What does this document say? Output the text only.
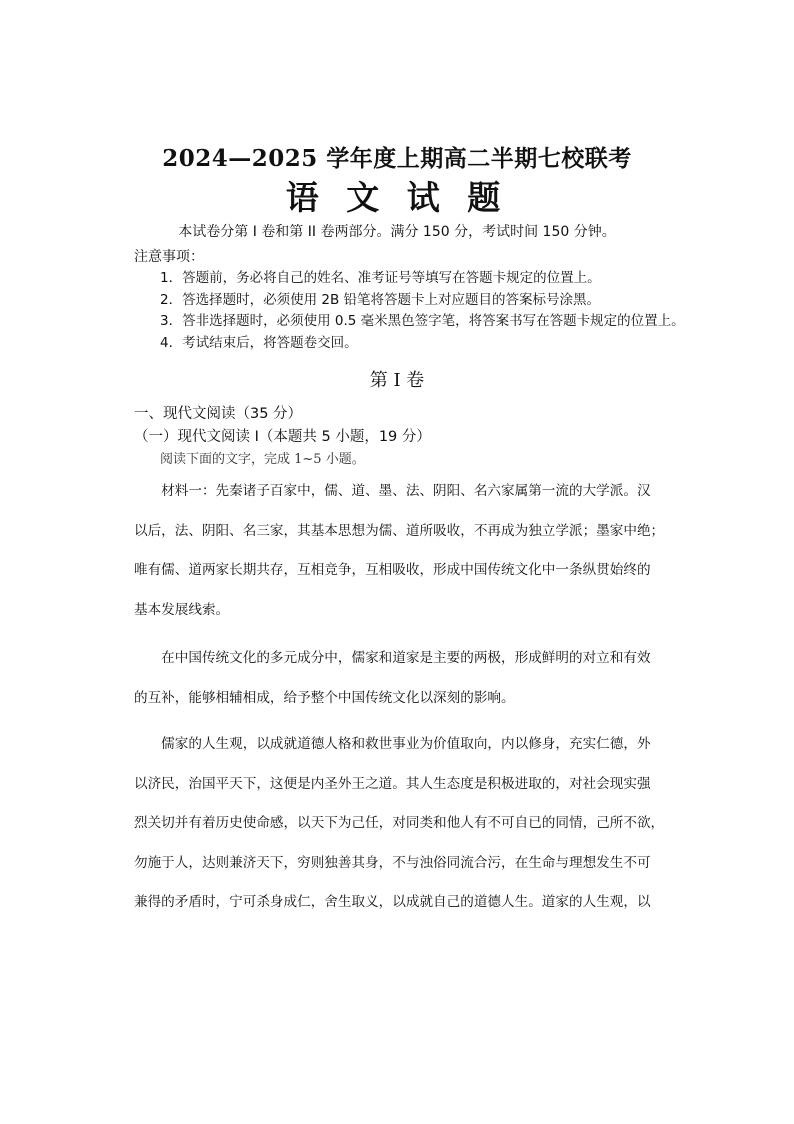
2024—2025 学年度上期高二半期七校联考
语 文 试 题
本试卷分第 I 卷和第 II 卷两部分。满分 150 分，考试时间 150 分钟。
注意事项：
1．答题前，务必将自己的姓名、准考证号等填写在答题卡规定的位置上。
2．答选择题时，必须使用 2B 铅笔将答题卡上对应题目的答案标号涂黑。
3．答非选择题时，必须使用 0.5 毫米黑色签字笔，将答案书写在答题卡规定的位置上。
4．考试结束后，将答题卷交回。
第 I 卷
一、现代文阅读（35 分）
（一）现代文阅读 I（本题共 5 小题，19 分）
阅读下面的文字，完成 1~5 小题。
　　材料一：先秦诸子百家中，儒、道、墨、法、阴阳、名六家属第一流的大学派。汉
以后，法、阴阳、名三家，其基本思想为儒、道所吸收，不再成为独立学派；墨家中绝；
唯有儒、道两家长期共存，互相竞争，互相吸收，形成中国传统文化中一条纵贯始终的
基本发展线索。
　　在中国传统文化的多元成分中，儒家和道家是主要的两极，形成鲜明的对立和有效
的互补，能够相辅相成，给予整个中国传统文化以深刻的影响。
　　儒家的人生观，以成就道德人格和救世事业为价值取向，内以修身，充实仁德，外
以济民，治国平天下，这便是内圣外王之道。其人生态度是积极进取的，对社会现实强
烈关切并有着历史使命感，以天下为己任，对同类和他人有不可自已的同情，己所不欲，
勿施于人，达则兼济天下，穷则独善其身，不与浊俗同流合污，在生命与理想发生不可
兼得的矛盾时，宁可杀身成仁，舍生取义，以成就自己的道德人生。道家的人生观，以
